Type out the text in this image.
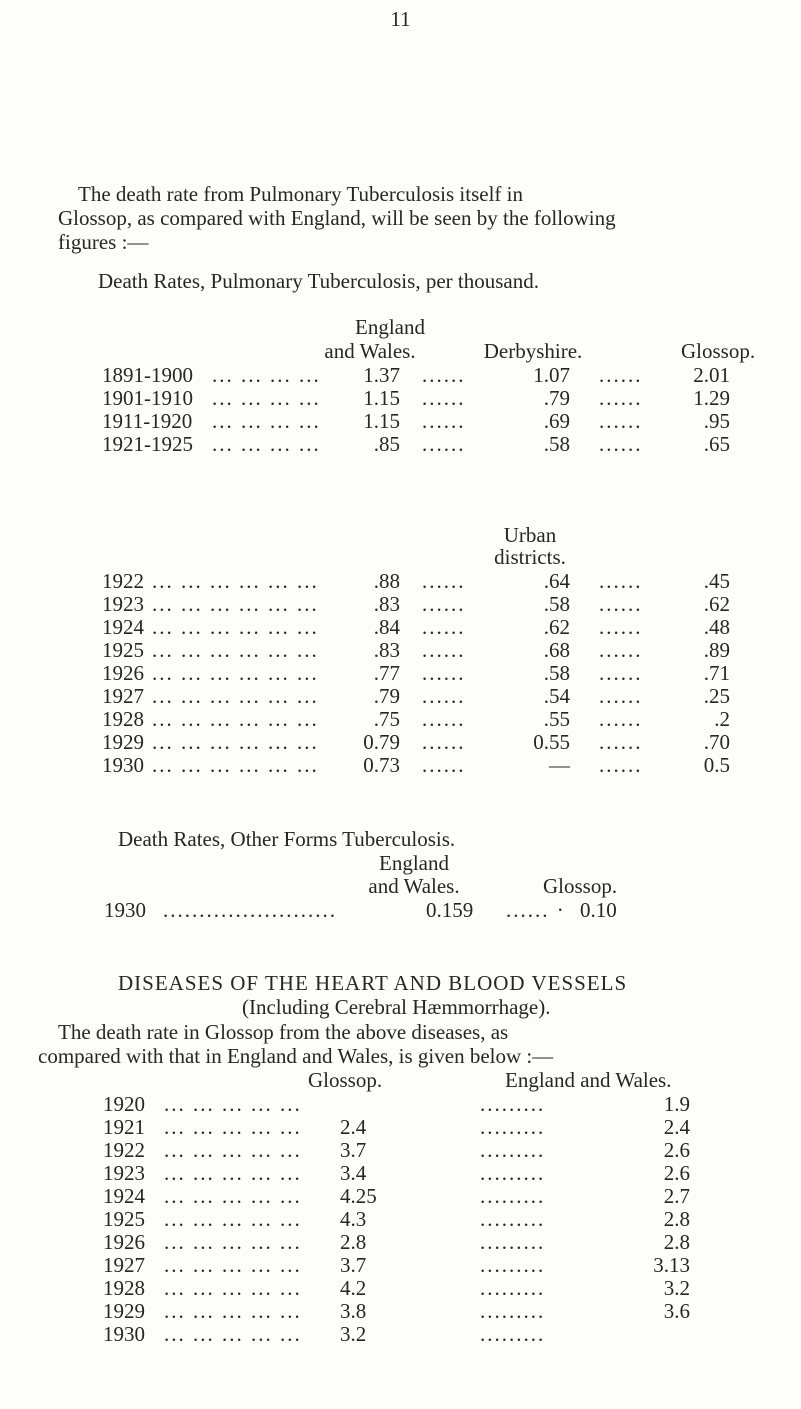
11
The death rate from Pulmonary Tuberculosis itself in
Glossop, as compared with England, will be seen by the following
figures :—
Death Rates, Pulmonary Tuberculosis, per thousand.
England
and Wales.	Derbyshire.	Glossop.
Urban
districts.
1891-1900 ... ... ... ...	1.37 ......	1.07 ......	2.01
1901-1910 ... ... ... ...	1.15 ......	.79 ......	1.29
1911-1920 ... ... ... ...	1.15 ......	.69 ......	.95
1921-1925 ... ... ... ...	.85 ......	.58 ......	.65
1922 ... ... ... ... ... ...	.88 ......	.64 ......	.45
1923 ... ... ... ... ... ...	.83 ......	.58 ......	.62
1924 ... ... ... ... ... ...	.84 ......	.62 ......	.48
1925 ... ... ... ... ... ...	.83 ......	.68 ......	.89
1926 ... ... ... ... ... ...	.77 ......	.58 ......	.71
1927 ... ... ... ... ... ...	.79 ......	.54 ......	.25
1928 ... ... ... ... ... ...	.75 ......	.55 ......	.2
1929 ... ... ... ... ... ...	0.79 ......	0.55 ......	.70
1930 ... ... ... ... ... ...	0.73 ......	— ......	0.5
Death Rates, Other Forms Tuberculosis.
England
and Wales.	Glossop.
1930 ........................	0.159 ...... · 0.10
DISEASES OF THE HEART AND BLOOD VESSELS
(Including Cerebral Hæmmorrhage).
The death rate in Glossop from the above diseases, as
compared with that in England and Wales, is given below :—
Glossop.	England and Wales.
1920 ... ... ... ... ...	.........	1.9
1921 ... ... ... ... ... 2.4	.........	2.4
1922 ... ... ... ... ... 3.7	.........	2.6
1923 ... ... ... ... ... 3.4	.........	2.6
1924 ... ... ... ... ... 4.25	.........	2.7
1925 ... ... ... ... ... 4.3	.........	2.8
1926 ... ... ... ... ... 2.8	.........	2.8
1927 ... ... ... ... ... 3.7	.........	3.13
1928 ... ... ... ... ... 4.2	.........	3.2
1929 ... ... ... ... ... 3.8	.........	3.6
1930 ... ... ... ... ... 3.2	.........
